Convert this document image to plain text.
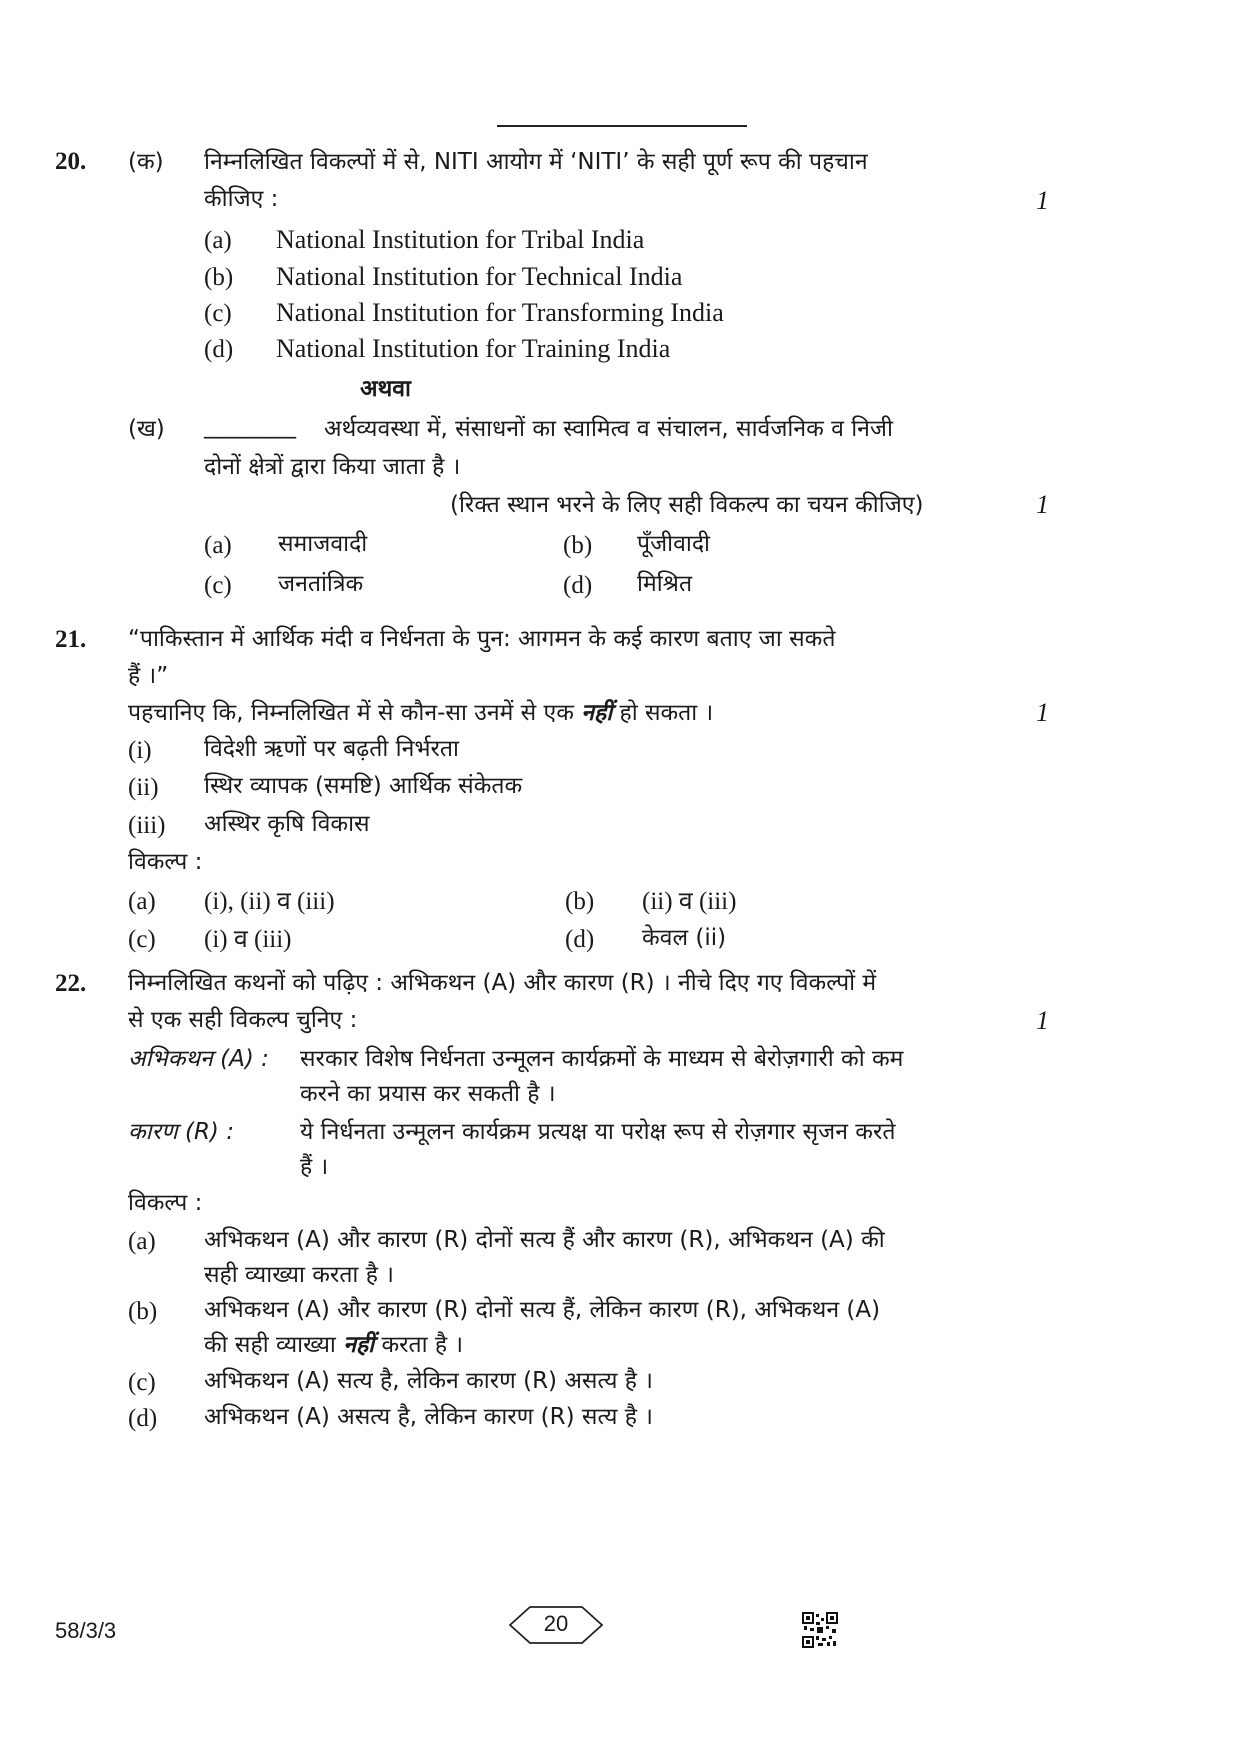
20. (क) निम्नलिखित विकल्पों में से, NITI आयोग में ‘NITI’ के सही पूर्ण रूप की पहचान
कीजिए :	1
(a) National Institution for Tribal India
(b) National Institution for Technical India
(c) National Institution for Transforming India
(d) National Institution for Training India
अथवा
(ख) ________ अर्थव्यवस्था में, संसाधनों का स्वामित्व व संचालन, सार्वजनिक व निजी
दोनों क्षेत्रों द्वारा किया जाता है ।
(रिक्त स्थान भरने के लिए सही विकल्प का चयन कीजिए)	1
(a) समाजवादी	(b) पूँजीवादी
(c) जनतांत्रिक	(d) मिश्रित
21. “पाकिस्तान में आर्थिक मंदी व निर्धनता के पुन: आगमन के कई कारण बताए जा सकते
हैं ।”
पहचानिए कि, निम्नलिखित में से कौन-सा उनमें से एक नहीं हो सकता ।	1
(i) विदेशी ऋणों पर बढ़ती निर्भरता
(ii) स्थिर व्यापक (समष्टि) आर्थिक संकेतक
(iii) अस्थिर कृषि विकास
विकल्प :
(a) (i), (ii) व (iii)	(b) (ii) व (iii)
(c) (i) व (iii)	(d) केवल (ii)
22. निम्नलिखित कथनों को पढ़िए : अभिकथन (A) और कारण (R) । नीचे दिए गए विकल्पों में
से एक सही विकल्प चुनिए :	1
अभिकथन (A) : सरकार विशेष निर्धनता उन्मूलन कार्यक्रमों के माध्यम से बेरोज़गारी को कम
करने का प्रयास कर सकती है ।
कारण (R) :	ये निर्धनता उन्मूलन कार्यक्रम प्रत्यक्ष या परोक्ष रूप से रोज़गार सृजन करते
हैं ।
विकल्प :
(a) अभिकथन (A) और कारण (R) दोनों सत्य हैं और कारण (R), अभिकथन (A) की
सही व्याख्या करता है ।
(b) अभिकथन (A) और कारण (R) दोनों सत्य हैं, लेकिन कारण (R), अभिकथन (A)
की सही व्याख्या नहीं करता है ।
(c) अभिकथन (A) सत्य है, लेकिन कारण (R) असत्य है ।
(d) अभिकथन (A) असत्य है, लेकिन कारण (R) सत्य है ।
58/3/3	20
